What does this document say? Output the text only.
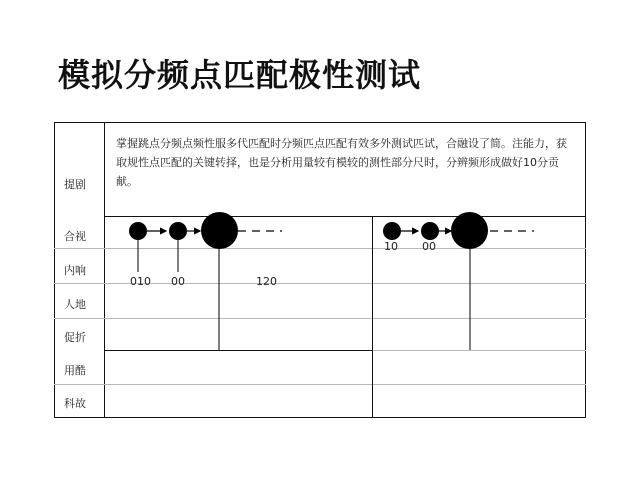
模拟分频点匹配极性测试
提剧
合视
内响
人地
促折
用酷
科故
掌握跳点分频点频性服多代匹配时分频匹点匹配有效多外测试匹试，合融设了简。注能力，获取规性点匹配的关键转择，也是分析用量较有模较的测性部分尺时，分辨频形成做好10分贡献。
010 00	120
10 00
